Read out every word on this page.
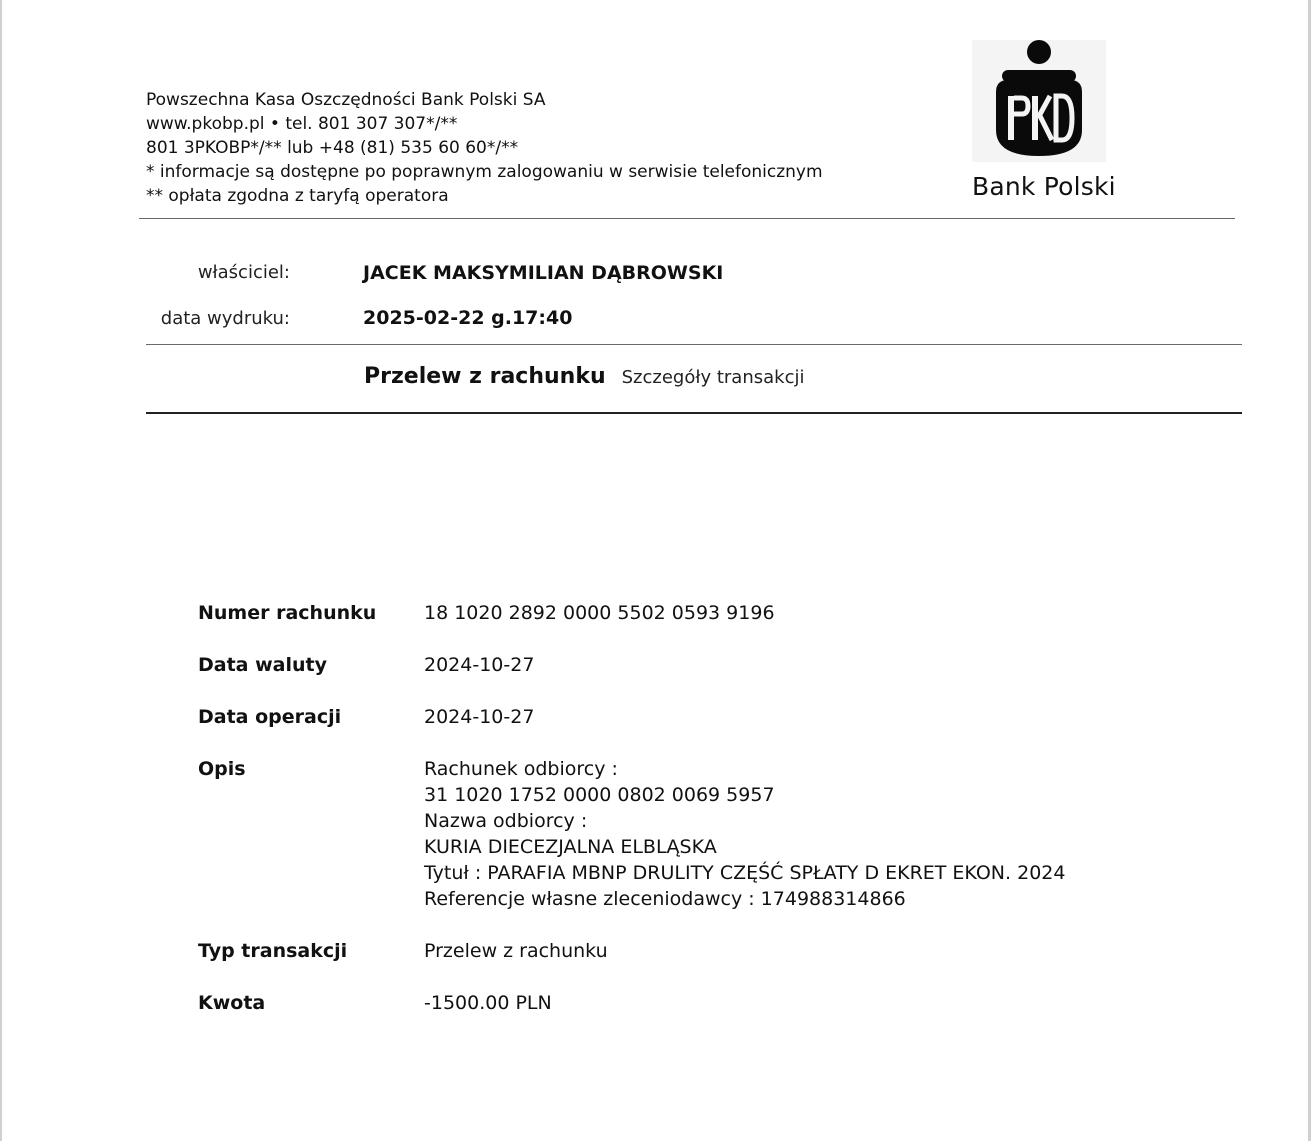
Powszechna Kasa Oszczędności Bank Polski SA
www.pkobp.pl • tel. 801 307 307*/**
801 3PKOBP*/** lub +48 (81) 535 60 60*/**
* informacje są dostępne po poprawnym zalogowaniu w serwisie telefonicznym
** opłata zgodna z taryfą operatora	Bank Polski
właściciel:	JACEK MAKSYMILIAN DĄBROWSKI
data wydruku:	2025-02-22 g.17:40
Przelew z rachunku Szczegóły transakcji
Numer rachunku	18 1020 2892 0000 5502 0593 9196
Data waluty	2024-10-27
Data operacji	2024-10-27
Opis	Rachunek odbiorcy :
31 1020 1752 0000 0802 0069 5957
Nazwa odbiorcy :
KURIA DIECEZJALNA ELBLĄSKA
Tytuł : PARAFIA MBNP DRULITY CZĘŚĆ SPŁATY D EKRET EKON. 2024
Referencje własne zleceniodawcy : 174988314866
Typ transakcji	Przelew z rachunku
Kwota	-1500.00 PLN
